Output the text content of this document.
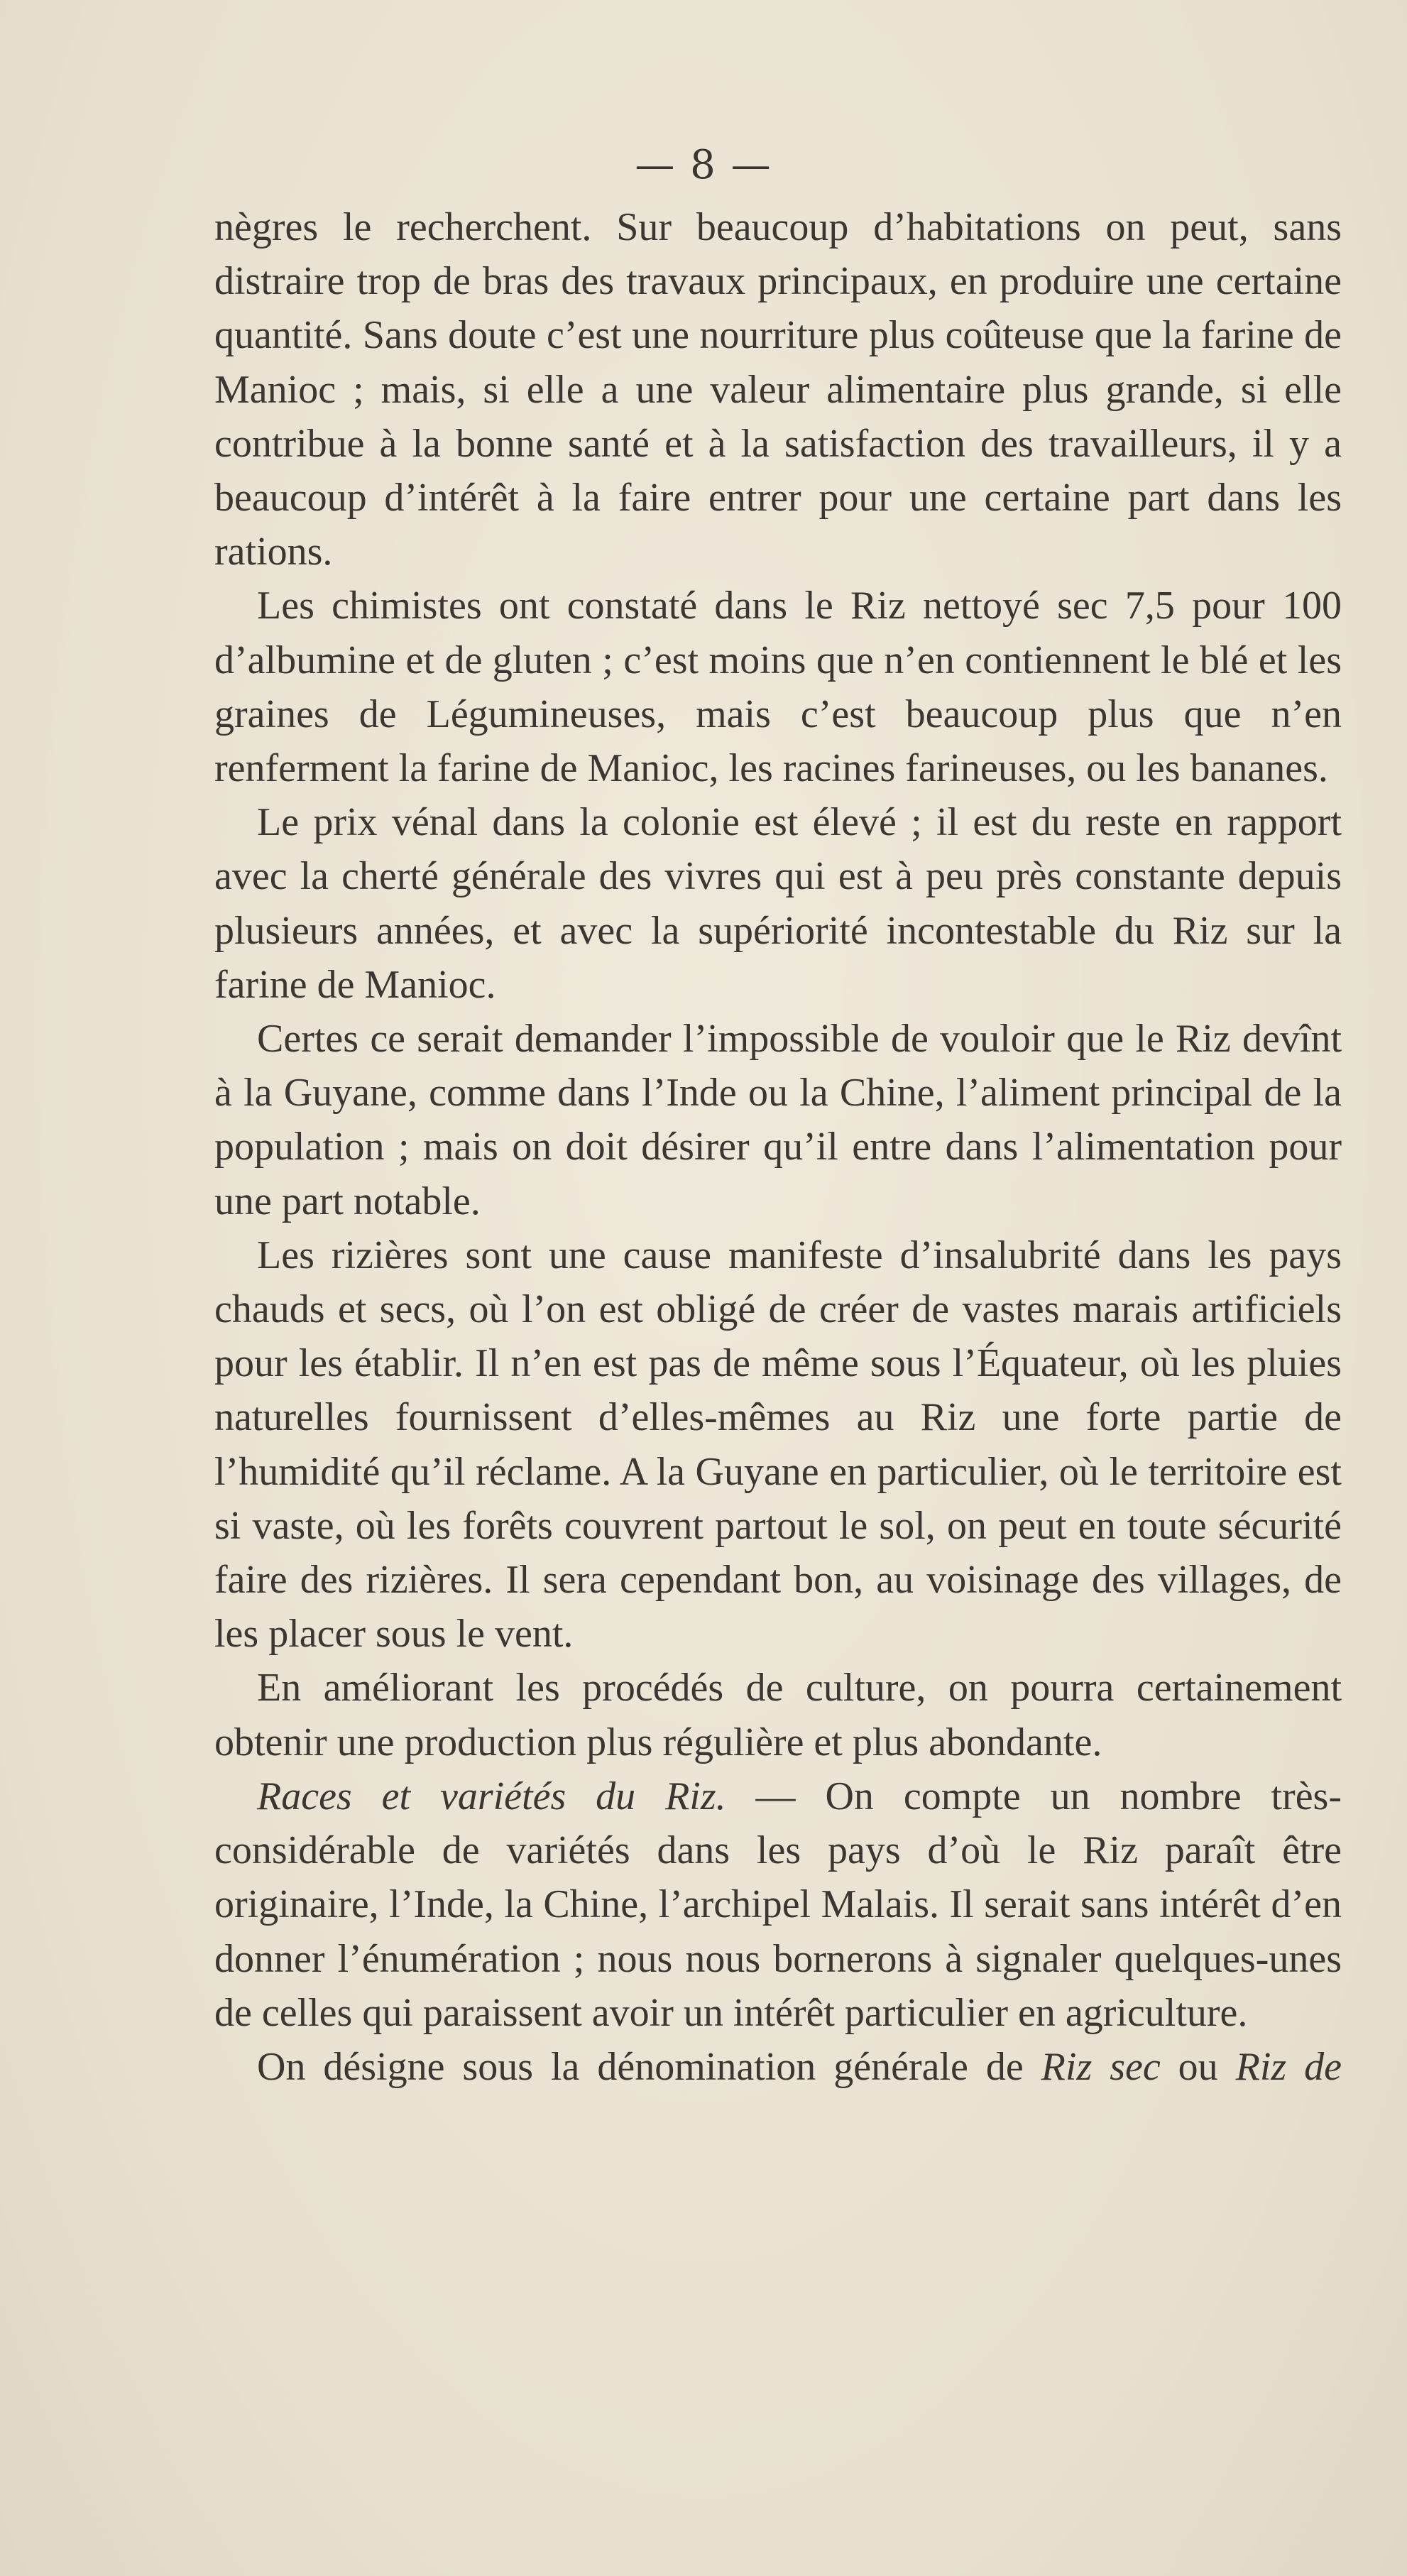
— 8 —

nègres le recherchent. Sur beaucoup d’habitations on peut, sans distraire trop de bras des travaux principaux, en produire une certaine quantité. Sans doute c’est une nourriture plus coûteuse que la farine de Manioc ; mais, si elle a une valeur alimentaire plus grande, si elle contribue à la bonne santé et à la satisfaction des travailleurs, il y a beaucoup d’intérêt à la faire entrer pour une certaine part dans les rations.

Les chimistes ont constaté dans le Riz nettoyé sec 7,5 pour 100 d’albumine et de gluten ; c’est moins que n’en contiennent le blé et les graines de Légumineuses, mais c’est beaucoup plus que n’en renferment la farine de Manioc, les racines farineuses, ou les bananes.

Le prix vénal dans la colonie est élevé ; il est du reste en rapport avec la cherté générale des vivres qui est à peu près constante depuis plusieurs années, et avec la supériorité incontestable du Riz sur la farine de Manioc.

Certes ce serait demander l’impossible de vouloir que le Riz devînt à la Guyane, comme dans l’Inde ou la Chine, l’aliment principal de la population ; mais on doit désirer qu’il entre dans l’alimentation pour une part notable.

Les rizières sont une cause manifeste d’insalubrité dans les pays chauds et secs, où l’on est obligé de créer de vastes marais artificiels pour les établir. Il n’en est pas de même sous l’Équateur, où les pluies naturelles fournissent d’elles-mêmes au Riz une forte partie de l’humidité qu’il réclame. A la Guyane en particulier, où le territoire est si vaste, où les forêts couvrent partout le sol, on peut en toute sécurité faire des rizières. Il sera cependant bon, au voisinage des villages, de les placer sous le vent.

En améliorant les procédés de culture, on pourra certainement obtenir une production plus régulière et plus abondante.

Races et variétés du Riz. — On compte un nombre très-considérable de variétés dans les pays d’où le Riz paraît être originaire, l’Inde, la Chine, l’archipel Malais. Il serait sans intérêt d’en donner l’énumération ; nous nous bornerons à signaler quelques-unes de celles qui paraissent avoir un intérêt particulier en agriculture.

On désigne sous la dénomination générale de Riz sec ou Riz de
